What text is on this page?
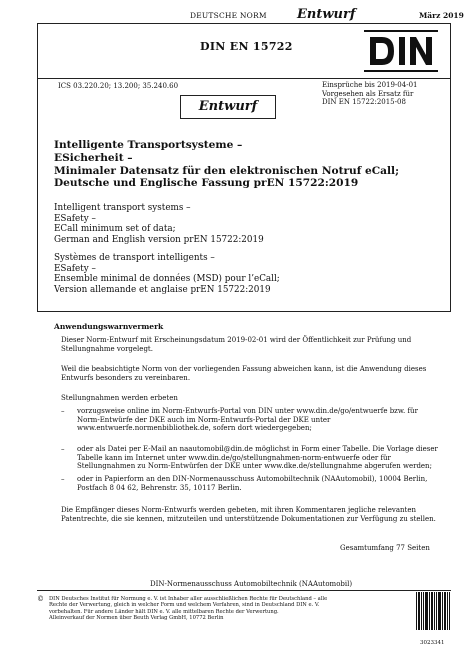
DEUTSCHE NORM Entwurf	März 2019
DIN EN 15722
ICS 03.220.20; 13.200; 35.240.60	Einsprüche bis 2019-04-01
Vorgesehen als Ersatz für
DIN EN 15722:2015-08
Entwurf
Intelligente Transportsysteme –
ESicherheit –
Minimaler Datensatz für den elektronischen Notruf eCall;
Deutsche und Englische Fassung prEN 15722:2019
Intelligent transport systems –
ESafety –
ECall minimum set of data;
German and English version prEN 15722:2019
Systèmes de transport intelligents –
ESafety –
Ensemble minimal de données (MSD) pour l’eCall;
Version allemande et anglaise prEN 15722:2019
Anwendungswarnvermerk
Dieser Norm-Entwurf mit Erscheinungsdatum 2019-02-01 wird der Öffentlichkeit zur Prüfung und Stellungnahme vorgelegt.
Weil die beabsichtigte Norm von der vorliegenden Fassung abweichen kann, ist die Anwendung dieses Entwurfs besonders zu vereinbaren.
Stellungnahmen werden erbeten
– vorzugsweise online im Norm-Entwurfs-Portal von DIN unter www.din.de/go/entwuerfe bzw. für Norm-Entwürfe der DKE auch im Norm-Entwurfs-Portal der DKE unter www.entwuerfe.normenbibliothek.de, sofern dort wiedergegeben;
– oder als Datei per E-Mail an naautomobil@din.de möglichst in Form einer Tabelle. Die Vorlage dieser Tabelle kann im Internet unter www.din.de/go/stellungnahmen-norm-entwuerfe oder für Stellungnahmen zu Norm-Entwürfen der DKE unter www.dke.de/stellungnahme abgerufen werden;
– oder in Papierform an den DIN-Normenausschuss Automobiltechnik (NAAutomobil), 10004 Berlin, Postfach 8 04 62, Behrenstr. 35, 10117 Berlin.
Die Empfänger dieses Norm-Entwurfs werden gebeten, mit ihren Kommentaren jegliche relevanten Patentrechte, die sie kennen, mitzuteilen und unterstützende Dokumentationen zur Verfügung zu stellen.
Gesamtumfang 77 Seiten
DIN-Normenausschuss Automobiltechnik (NAAutomobil)
© DIN Deutsches Institut für Normung e. V. ist Inhaber aller ausschließlichen Rechte für Deutschland – alle
Rechte der Verwertung, gleich in welcher Form und welchem Verfahren, sind in Deutschland DIN e. V.
vorbehalten. Für andere Länder hält DIN e. V. alle mittelbaren Rechte der Verwertung.
Alleinverkauf der Normen über Beuth Verlag GmbH, 10772 Berlin
3023341
